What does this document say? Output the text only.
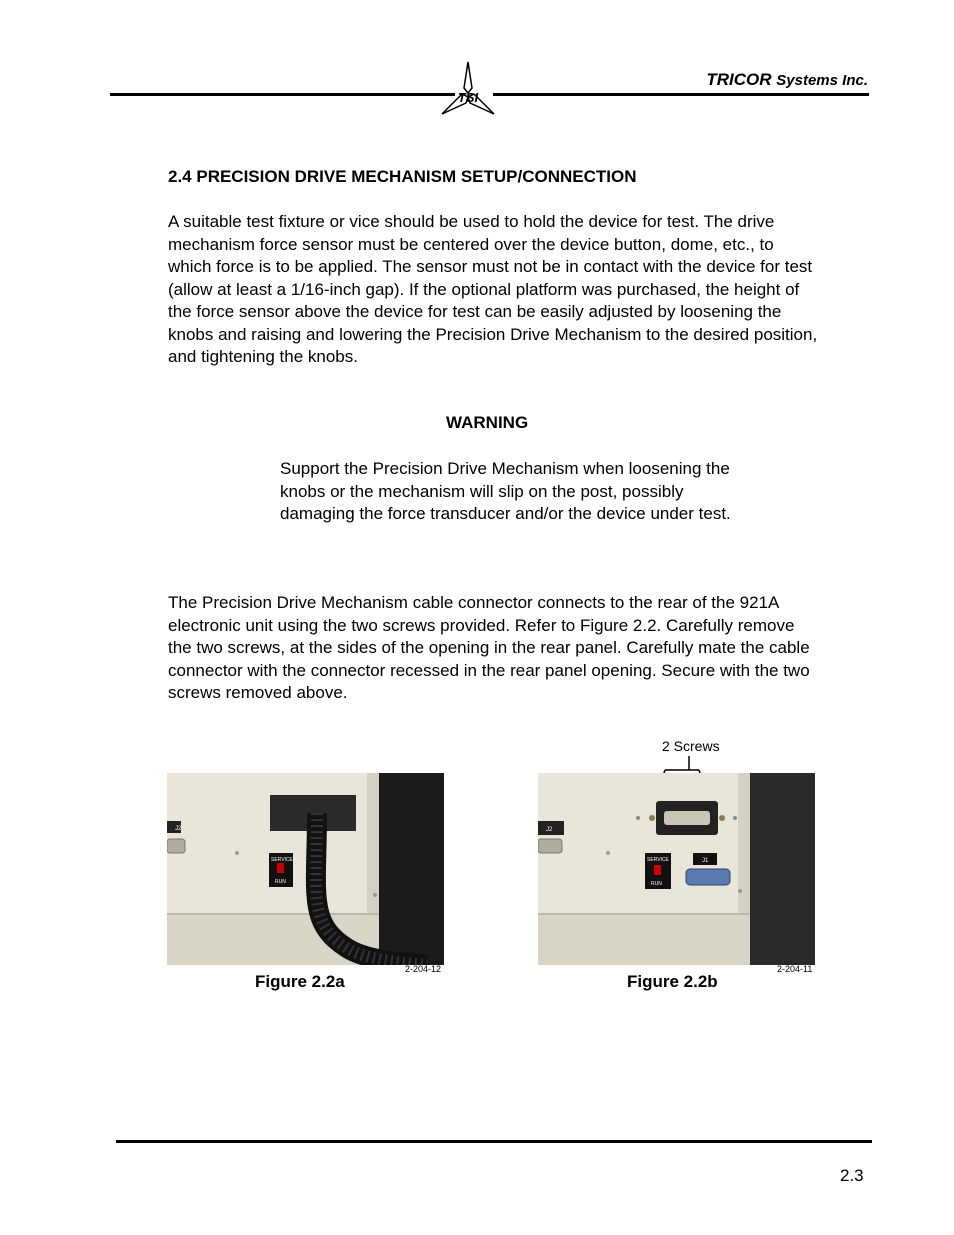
TSI
TRICOR Systems Inc.
2.4 PRECISION DRIVE MECHANISM SETUP/CONNECTION
A suitable test fixture or vice should be used to hold the device for test. The drive mechanism force sensor must be centered over the device button, dome, etc., to which force is to be applied. The sensor must not be in contact with the device for test (allow at least a 1/16-inch gap). If the optional platform was purchased, the height of the force sensor above the device for test can be easily adjusted by loosening the knobs and raising and lowering the Precision Drive Mechanism to the desired position, and tightening the knobs.
WARNING
Support the Precision Drive Mechanism when loosening the knobs or the mechanism will slip on the post, possibly damaging the force transducer and/or the device under test.
The Precision Drive Mechanism cable connector connects to the rear of the 921A electronic unit using the two screws provided. Refer to Figure 2.2. Carefully remove the two screws, at the sides of the opening in the rear panel. Carefully mate the cable connector with the connector recessed in the rear panel opening. Secure with the two screws removed above.
2 Screws
J2
SERVICE
RUN
2-204-12
Figure 2.2a
J2
SERVICE
RUN
J1
2-204-11
Figure 2.2b
2.3
